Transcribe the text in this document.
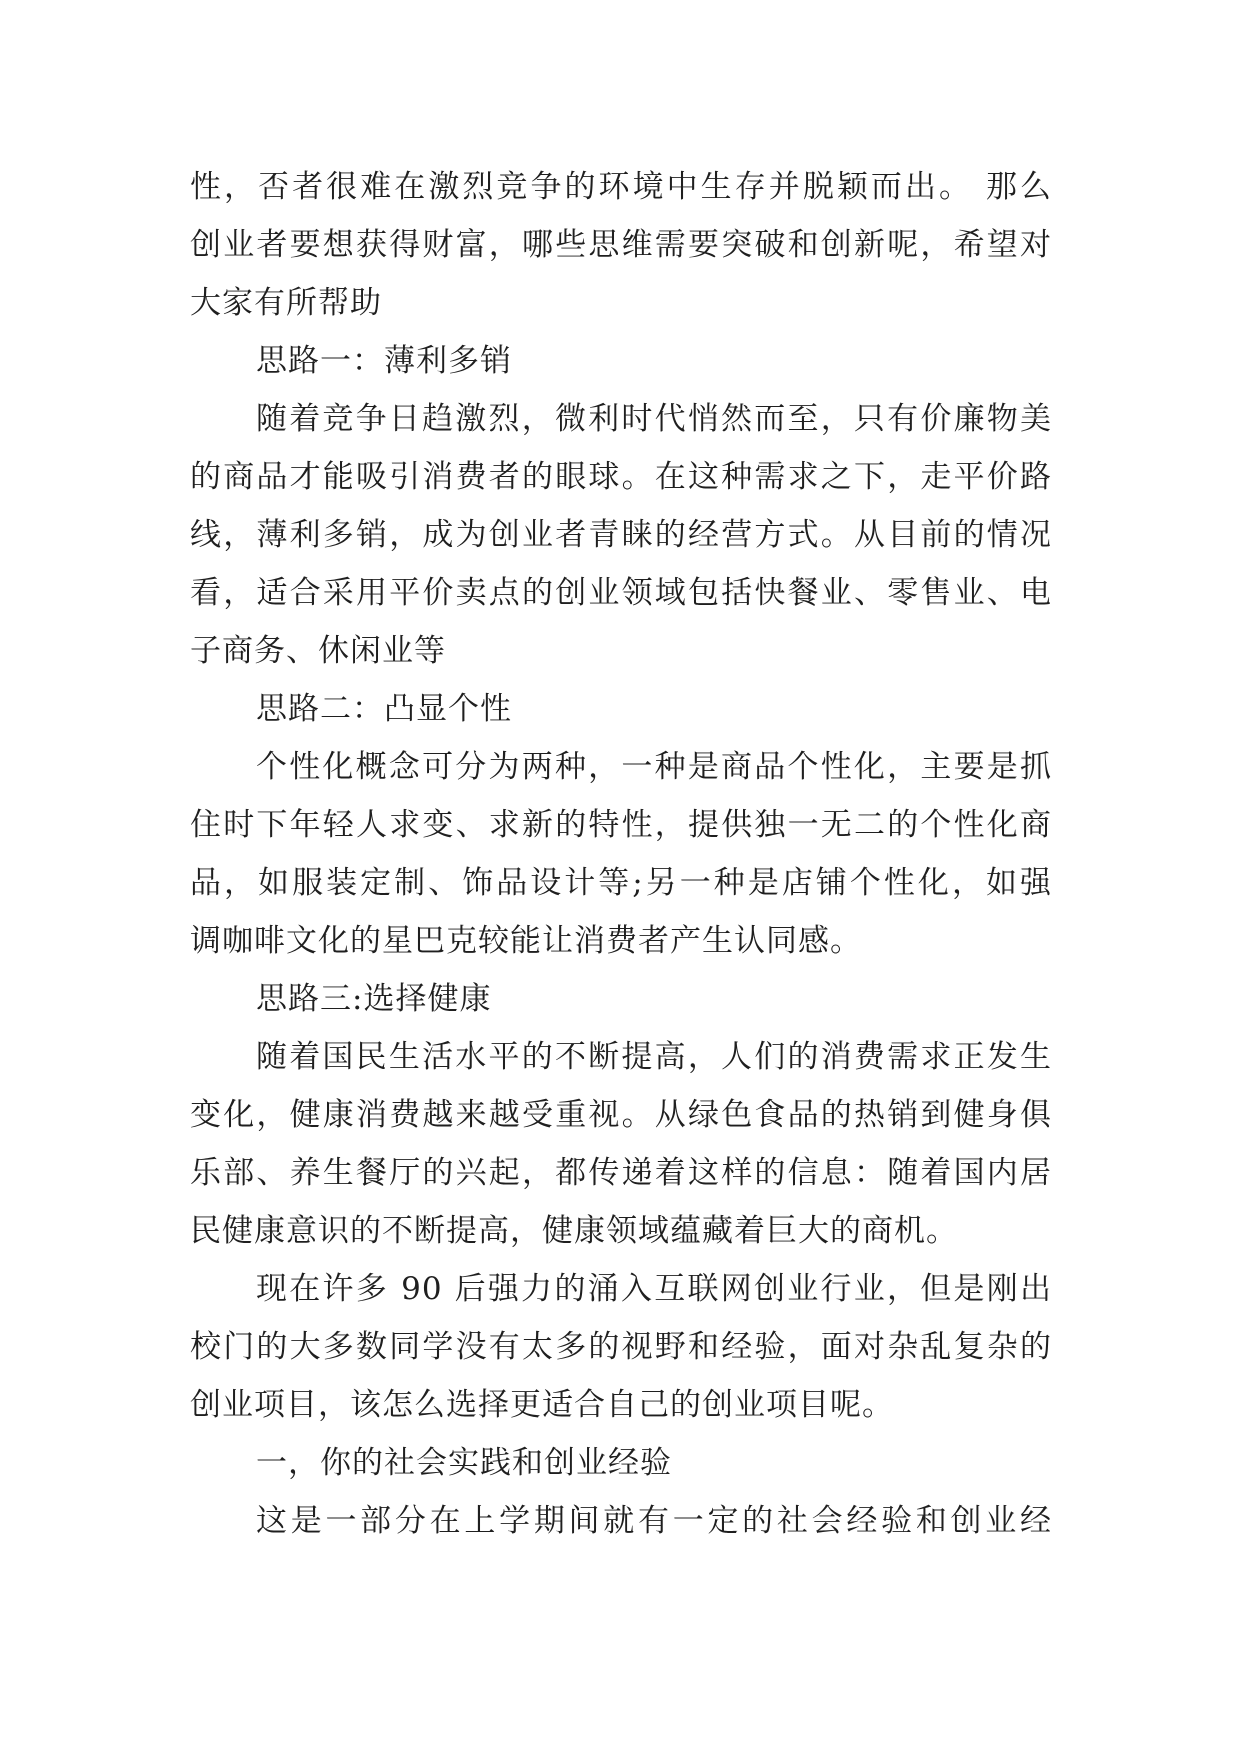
性，否者很难在激烈竞争的环境中生存并脱颖而出。 那么
创业者要想获得财富，哪些思维需要突破和创新呢，希望对
大家有所帮助
思路一：薄利多销
随着竞争日趋激烈，微利时代悄然而至，只有价廉物美
的商品才能吸引消费者的眼球。在这种需求之下，走平价路
线，薄利多销，成为创业者青睐的经营方式。从目前的情况
看，适合采用平价卖点的创业领域包括快餐业、零售业、电
子商务、休闲业等
思路二：凸显个性
个性化概念可分为两种，一种是商品个性化，主要是抓
住时下年轻人求变、求新的特性，提供独一无二的个性化商
品，如服装定制、饰品设计等;另一种是店铺个性化，如强
调咖啡文化的星巴克较能让消费者产生认同感。
思路三:选择健康
随着国民生活水平的不断提高，人们的消费需求正发生
变化，健康消费越来越受重视。从绿色食品的热销到健身俱
乐部、养生餐厅的兴起，都传递着这样的信息：随着国内居
民健康意识的不断提高，健康领域蕴藏着巨大的商机。
现在许多 90 后强力的涌入互联网创业行业，但是刚出
校门的大多数同学没有太多的视野和经验，面对杂乱复杂的
创业项目，该怎么选择更适合自己的创业项目呢。
一，你的社会实践和创业经验
这是一部分在上学期间就有一定的社会经验和创业经
